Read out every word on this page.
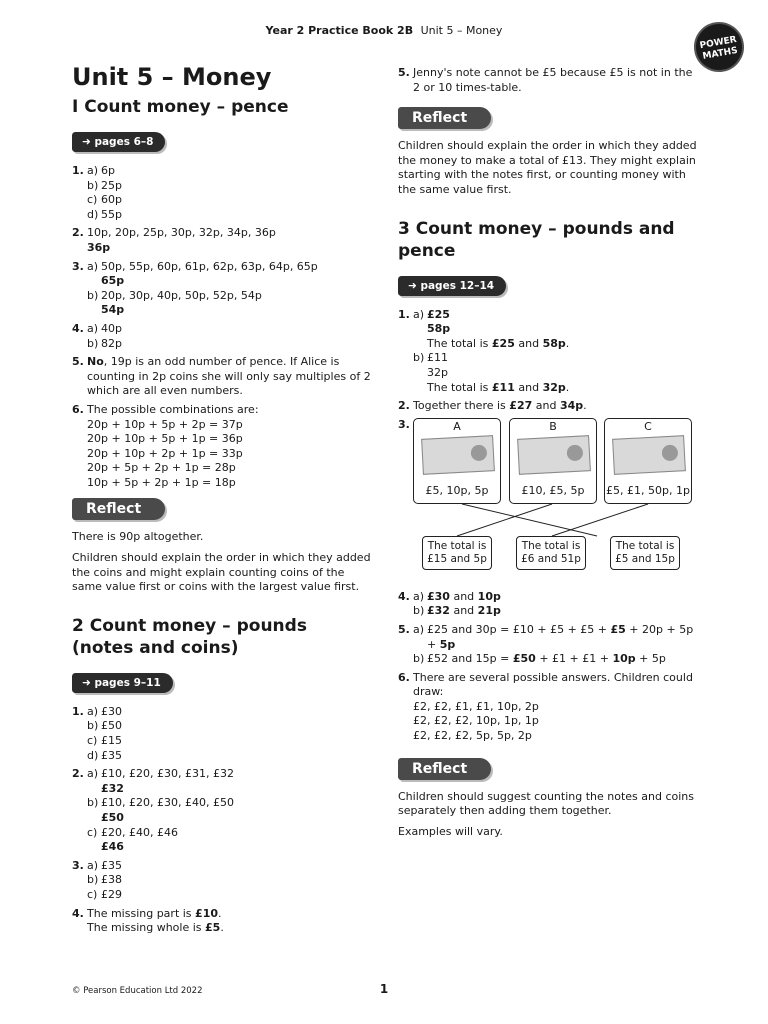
Year 2 Practice Book 2B Unit 5 – Money
POWER MATHS
Unit 5 – Money
I Count money – pence
➜ pages 6–8
1. a) 6p
b) 25p
c) 60p
d) 55p
2. 10p, 20p, 25p, 30p, 32p, 34p, 36p
36p
3. a) 50p, 55p, 60p, 61p, 62p, 63p, 64p, 65p
65p
b) 20p, 30p, 40p, 50p, 52p, 54p
54p
4. a) 40p
b) 82p
5. No, 19p is an odd number of pence. If Alice is counting in 2p coins she will only say multiples of 2 which are all even numbers.
6. The possible combinations are:
20p + 10p + 5p + 2p = 37p
20p + 10p + 5p + 1p = 36p
20p + 10p + 2p + 1p = 33p
20p + 5p + 2p + 1p = 28p
10p + 5p + 2p + 1p = 18p
Reflect
There is 90p altogether.
Children should explain the order in which they added the coins and might explain counting coins of the same value first or coins with the largest value first.
2 Count money – pounds (notes and coins)
➜ pages 9–11
1. a) £30
b) £50
c) £15
d) £35
2. a) £10, £20, £30, £31, £32
£32
b) £10, £20, £30, £40, £50
£50
c) £20, £40, £46
£46
3. a) £35
b) £38
c) £29
4. The missing part is £10.
The missing whole is £5.
5. Jenny's note cannot be £5 because £5 is not in the 2 or 10 times-table.
Reflect
Children should explain the order in which they added the money to make a total of £13. They might explain starting with the notes first, or counting money with the same value first.
3 Count money – pounds and pence
➜ pages 12–14
1. a) £25
58p
The total is £25 and 58p.
b) £11
32p
The total is £11 and 32p.
2. Together there is £27 and 34p.
3.	A
£5, 10p, 5p
B
£10, £5, 5p
C
£5, £1, 50p, 1p
The total is
£15 and 5p
The total is
£6 and 51p
The total is
£5 and 15p
4. a) £30 and 10p
b) £32 and 21p
5. a) £25 and 30p = £10 + £5 + £5 + £5 + 20p + 5p + 5p
b) £52 and 15p = £50 + £1 + £1 + 10p + 5p
6. There are several possible answers. Children could draw:
£2, £2, £1, £1, 10p, 2p
£2, £2, £2, 10p, 1p, 1p
£2, £2, £2, 5p, 5p, 2p
Reflect
Children should suggest counting the notes and coins separately then adding them together.
Examples will vary.
© Pearson Education Ltd 2022	1
